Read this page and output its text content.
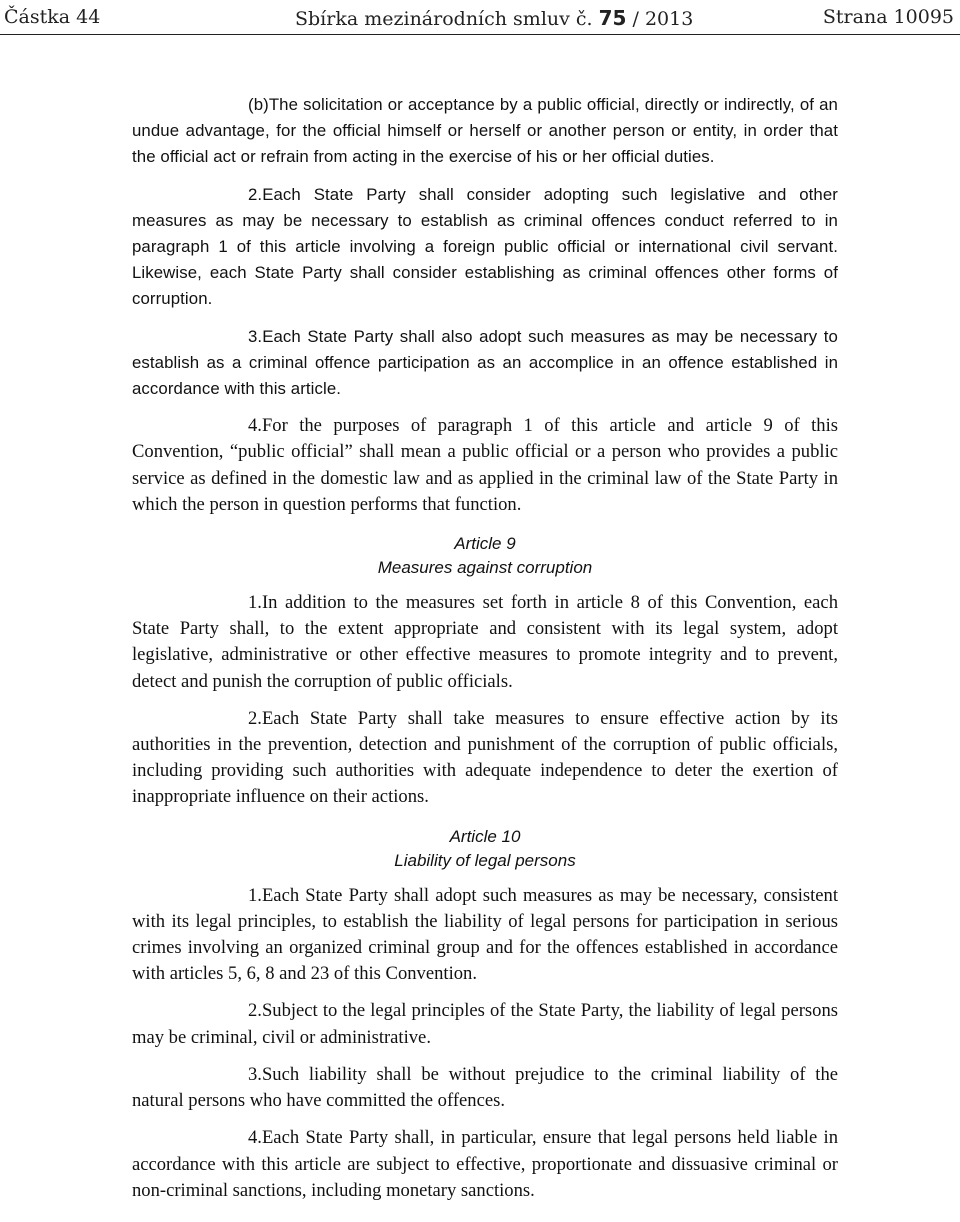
Částka 44	Sbírka mezinárodních smluv č. 75 / 2013	Strana 10095

(b)The solicitation or acceptance by a public official, directly or indirectly, of an undue advantage, for the official himself or herself or another person or entity, in order that the official act or refrain from acting in the exercise of his or her official duties.

2.Each State Party shall consider adopting such legislative and other measures as may be necessary to establish as criminal offences conduct referred to in paragraph 1 of this article involving a foreign public official or international civil servant. Likewise, each State Party shall consider establishing as criminal offences other forms of corruption.

3.Each State Party shall also adopt such measures as may be necessary to establish as a criminal offence participation as an accomplice in an offence established in accordance with this article.

4.For the purposes of paragraph 1 of this article and article 9 of this Convention, “public official” shall mean a public official or a person who provides a public service as defined in the domestic law and as applied in the criminal law of the State Party in which the person in question performs that function.

Article 9
Measures against corruption

1.In addition to the measures set forth in article 8 of this Convention, each State Party shall, to the extent appropriate and consistent with its legal system, adopt legislative, administrative or other effective measures to promote integrity and to prevent, detect and punish the corruption of public officials.

2.Each State Party shall take measures to ensure effective action by its authorities in the prevention, detection and punishment of the corruption of public officials, including providing such authorities with adequate independence to deter the exertion of inappropriate influence on their actions.

Article 10
Liability of legal persons

1.Each State Party shall adopt such measures as may be necessary, consistent with its legal principles, to establish the liability of legal persons for participation in serious crimes involving an organized criminal group and for the offences established in accordance with articles 5, 6, 8 and 23 of this Convention.

2.Subject to the legal principles of the State Party, the liability of legal persons may be criminal, civil or administrative.

3.Such liability shall be without prejudice to the criminal liability of the natural persons who have committed the offences.

4.Each State Party shall, in particular, ensure that legal persons held liable in accordance with this article are subject to effective, proportionate and dissuasive criminal or non-criminal sanctions, including monetary sanctions.
